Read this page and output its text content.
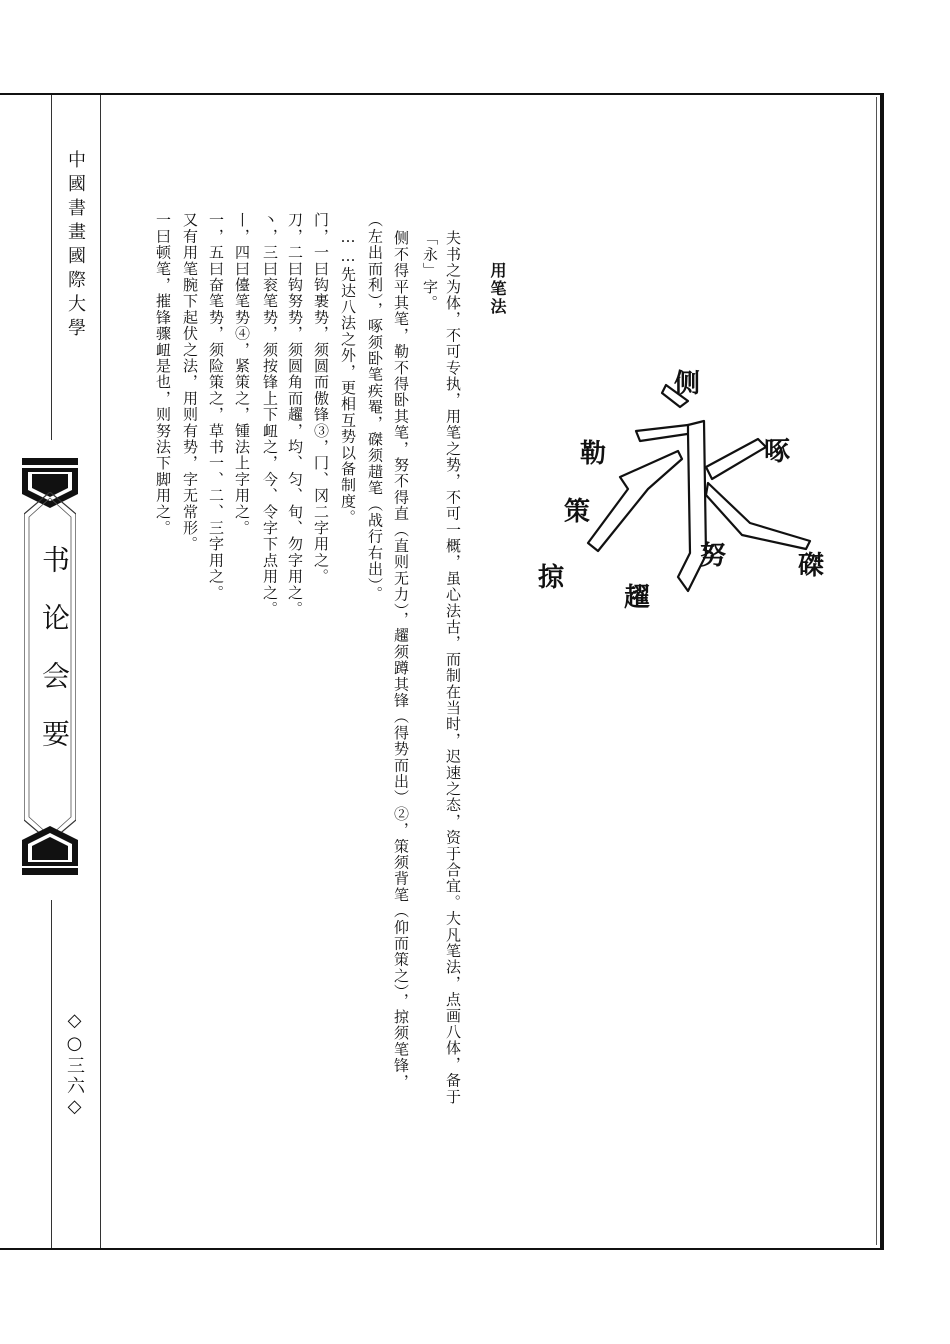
中國書畫國際大學
书论会要
◇○三六◇
用笔法
夫书之为体，不可专执，用笔之势，不可一概，虽心法古，而制在当时，迟速之态，资于合宜。大凡笔法，点画八体，备于
「永」字。
侧不得平其笔，勒不得卧其笔，努不得直（直则无力），趯须蹲其锋（得势而出）②，策须背笔（仰而策之），掠须笔锋，
（左出而利），啄须卧笔疾罨，磔须趞笔（战行右出）。
……先达八法之外，更相互势以备制度。
门，一曰钩裹势，须圆而傲锋③，冂、冈二字用之。
刀，二曰钩努势，须圆角而趯，均、匀、旬、勿字用之。
丶，三曰衮笔势，须按锋上下衄之，今、令字下点用之。
丨，四曰儓笔势④，紧策之，锺法上字用之。
一，五曰奋笔势，须险策之，草书一、二、三字用之。
又有用笔腕下起伏之法，用则有势，字无常形。
一曰顿笔，摧锋骤衄是也，则努法下脚用之。	侧
勒	啄
策
努	磔
掠
趯
